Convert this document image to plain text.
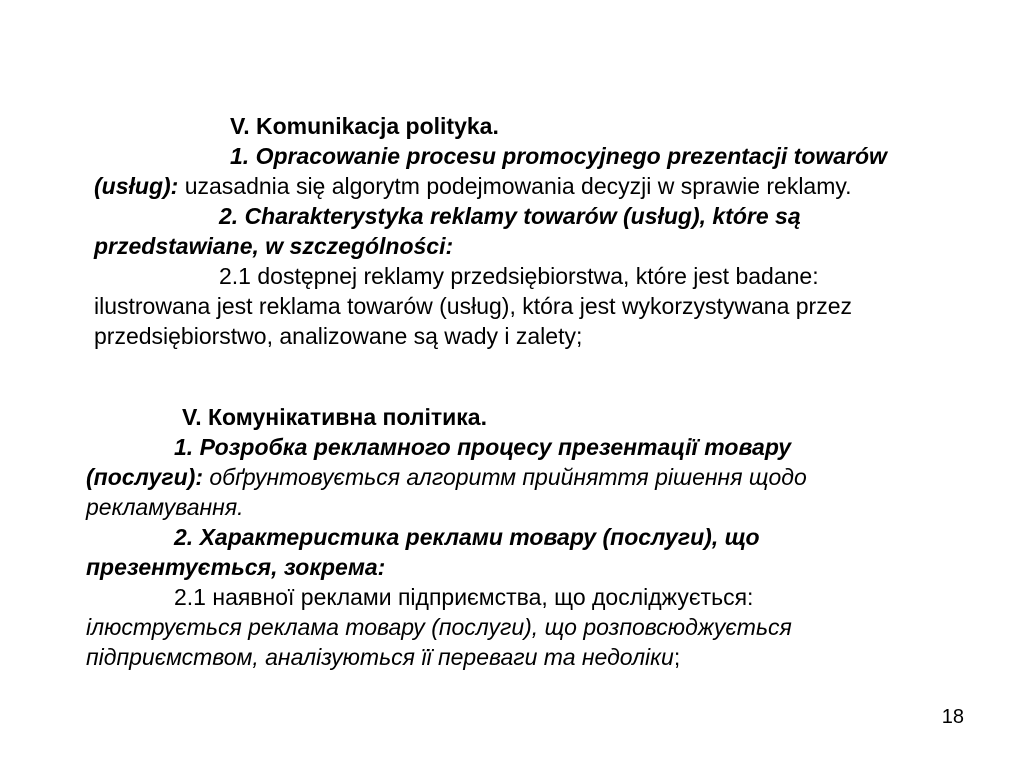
V. Komunikacja polityka.
1. Opracowanie procesu promocyjnego prezentacji towarów
(usług): uzasadnia się algorytm podejmowania decyzji w sprawie reklamy.
2. Charakterystyka reklamy towarów (usług), które są
przedstawiane, w szczególności:
2.1 dostępnej reklamy przedsiębiorstwa, które jest badane:
ilustrowana jest reklama towarów (usług), która jest wykorzystywana przez
przedsiębiorstwo, analizowane są wady i zalety;
V. Комунікативна політика.
1. Розробка рекламного процесу презентації товару
(послуги): обґрунтовується алгоритм прийняття рішення щодо
рекламування.
2. Характеристика реклами товару (послуги), що
презентується, зокрема:
2.1 наявної реклами підприємства, що досліджується:
ілюструється реклама товару (послуги), що розповсюджується
підприємством, аналізуються її переваги та недоліки;
18
